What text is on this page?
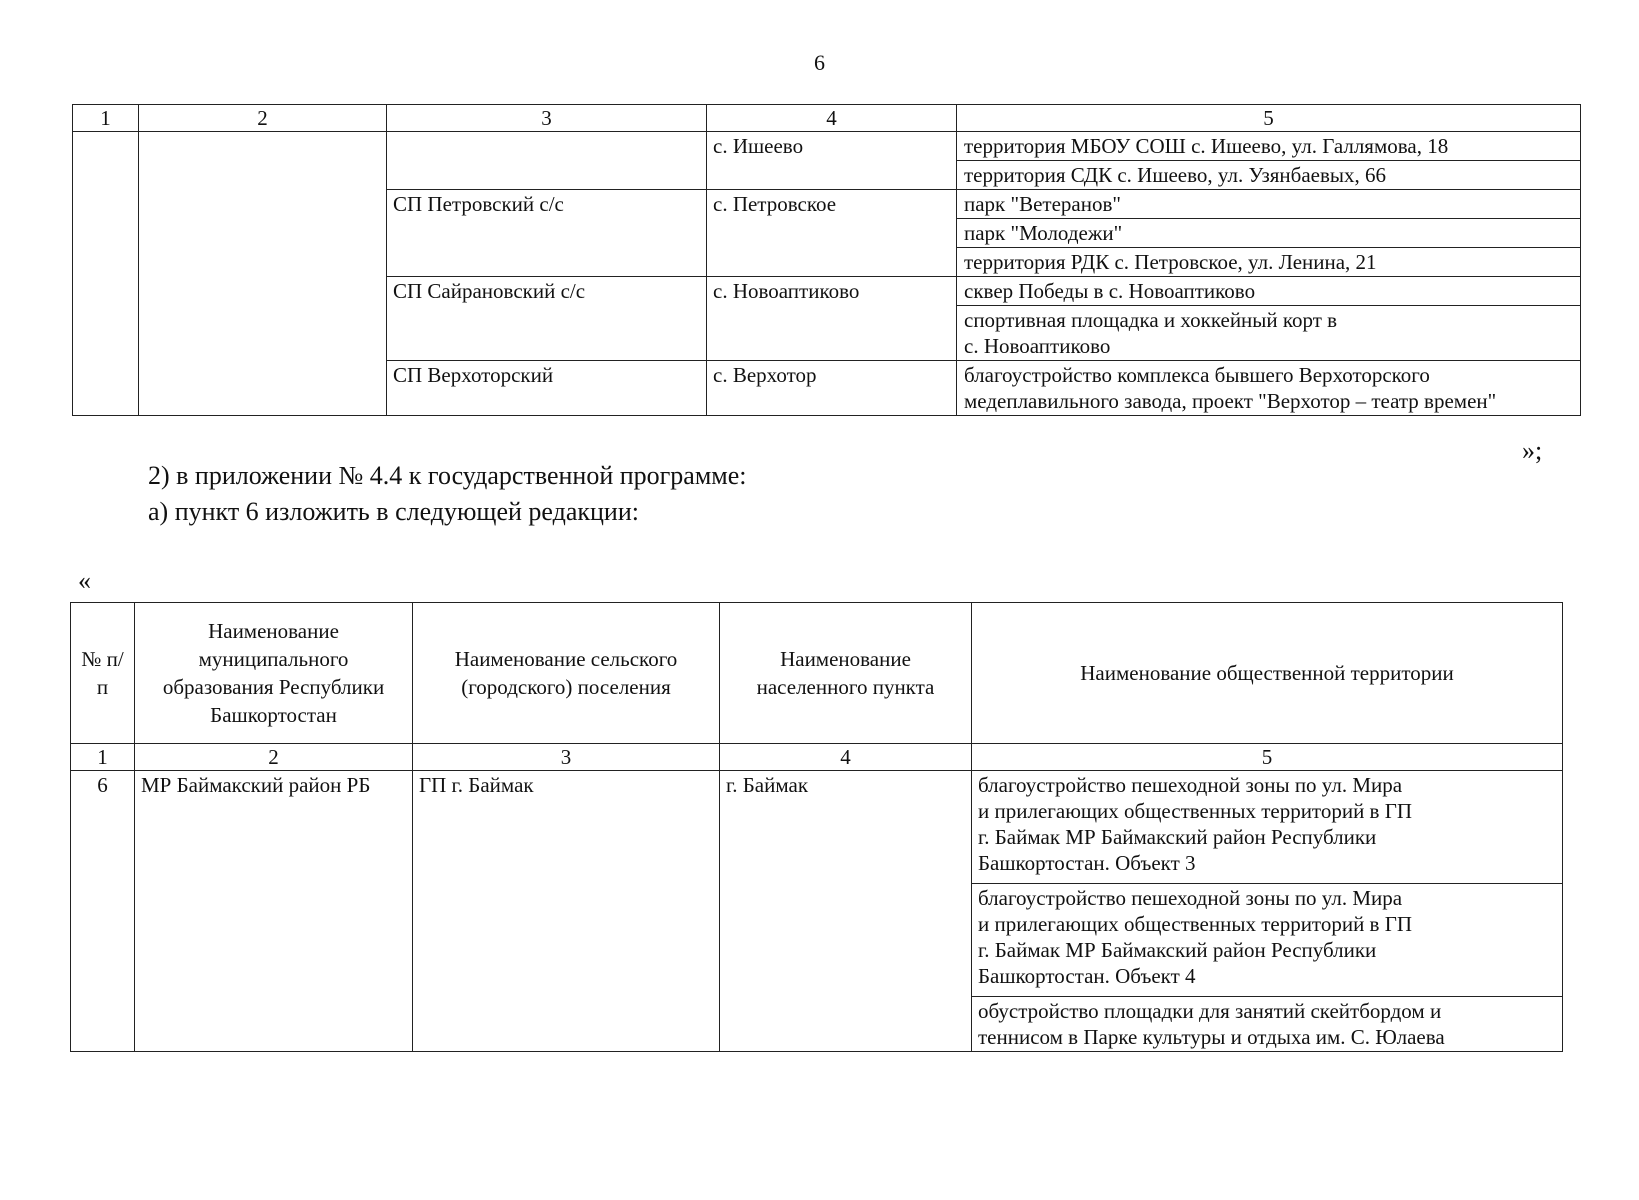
6
1	2	3	4	5
			с. Ишеево	территория МБОУ СОШ с. Ишеево, ул. Галлямова, 18
				территория СДК с. Ишеево, ул. Узянбаевых, 66
		СП Петровский с/с	с. Петровское	парк "Ветеранов"
				парк "Молодежи"
				территория РДК с. Петровское, ул. Ленина, 21
		СП Сайрановский с/с	с. Новоаптиково	сквер Победы в с. Новоаптиково
				спортивная площадка и хоккейный корт в
с. Новоаптиково
		СП Верхоторский	с. Верхотор	благоустройство комплекса бывшего Верхоторского медеплавильного завода, проект "Верхотор – театр времен"
»;
2) в приложении № 4.4 к государственной программе:
а) пункт 6 изложить в следующей редакции:
«
№ п/п	Наименование муниципального образования Республики Башкортостан	Наименование сельского (городского) поселения	Наименование населенного пункта	Наименование общественной территории
1	2	3	4	5
6	МР Баймакский район РБ	ГП г. Баймак	г. Баймак	благоустройство пешеходной зоны по ул. Мира
и прилегающих общественных территорий в ГП
г. Баймак МР Баймакский район Республики
Башкортостан. Объект 3
				благоустройство пешеходной зоны по ул. Мира
и прилегающих общественных территорий в ГП
г. Баймак МР Баймакский район Республики
Башкортостан. Объект 4
				обустройство площадки для занятий скейтбордом и
теннисом в Парке культуры и отдыха им. С. Юлаева
